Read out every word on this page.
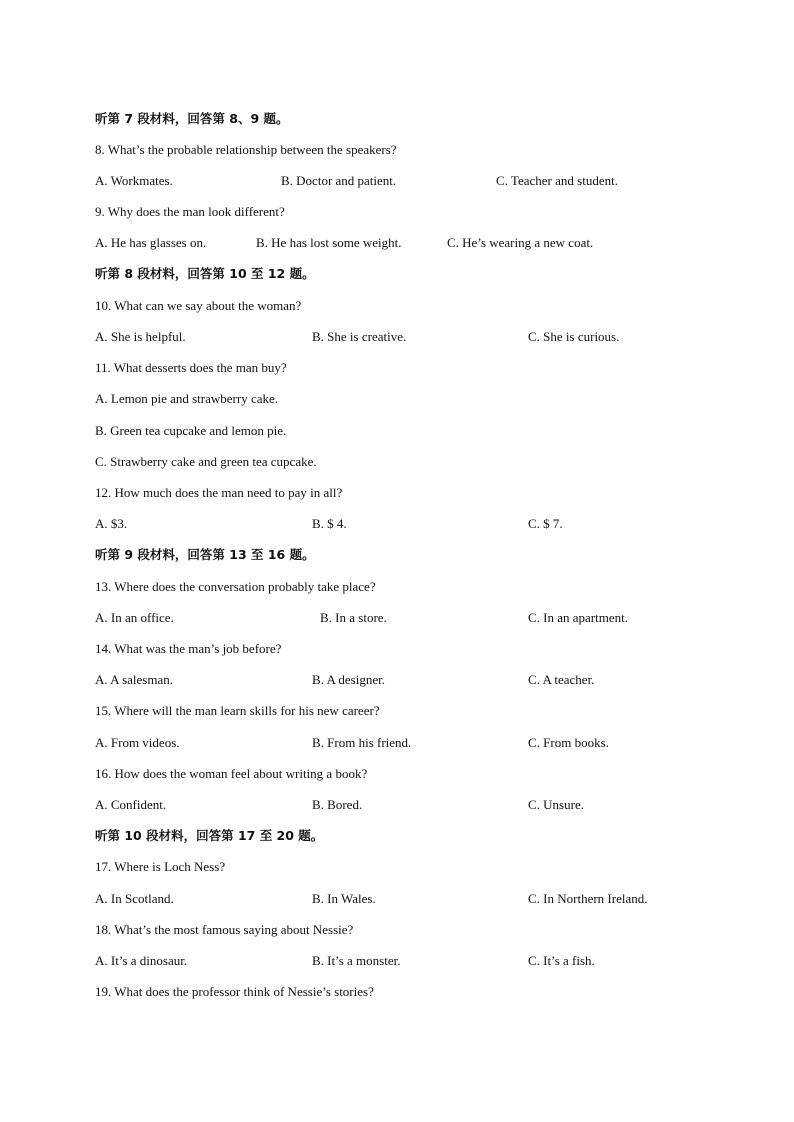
听第 7 段材料，回答第 8、9 题。
8. What’s the probable relationship between the speakers?
A. Workmates.	B. Doctor and patient.	C. Teacher and student.
9. Why does the man look different?
A. He has glasses on.	B. He has lost some weight.	C. He’s wearing a new coat.
听第 8 段材料，回答第 10 至 12 题。
10. What can we say about the woman?
A. She is helpful.	B. She is creative.	C. She is curious.
11. What desserts does the man buy?
A. Lemon pie and strawberry cake.
B. Green tea cupcake and lemon pie.
C. Strawberry cake and green tea cupcake.
12. How much does the man need to pay in all?
A. $3.	B. $ 4.	C. $ 7.
听第 9 段材料，回答第 13 至 16 题。
13. Where does the conversation probably take place?
A. In an office.	B. In a store.	C. In an apartment.
14. What was the man’s job before?
A. A salesman.	B. A designer.	C. A teacher.
15. Where will the man learn skills for his new career?
A. From videos.	B. From his friend.	C. From books.
16. How does the woman feel about writing a book?
A. Confident.	B. Bored.	C. Unsure.
听第 10 段材料，回答第 17 至 20 题。
17. Where is Loch Ness?
A. In Scotland.	B. In Wales.	C. In Northern Ireland.
18. What’s the most famous saying about Nessie?
A. It’s a dinosaur.	B. It’s a monster.	C. It’s a fish.
19. What does the professor think of Nessie’s stories?
